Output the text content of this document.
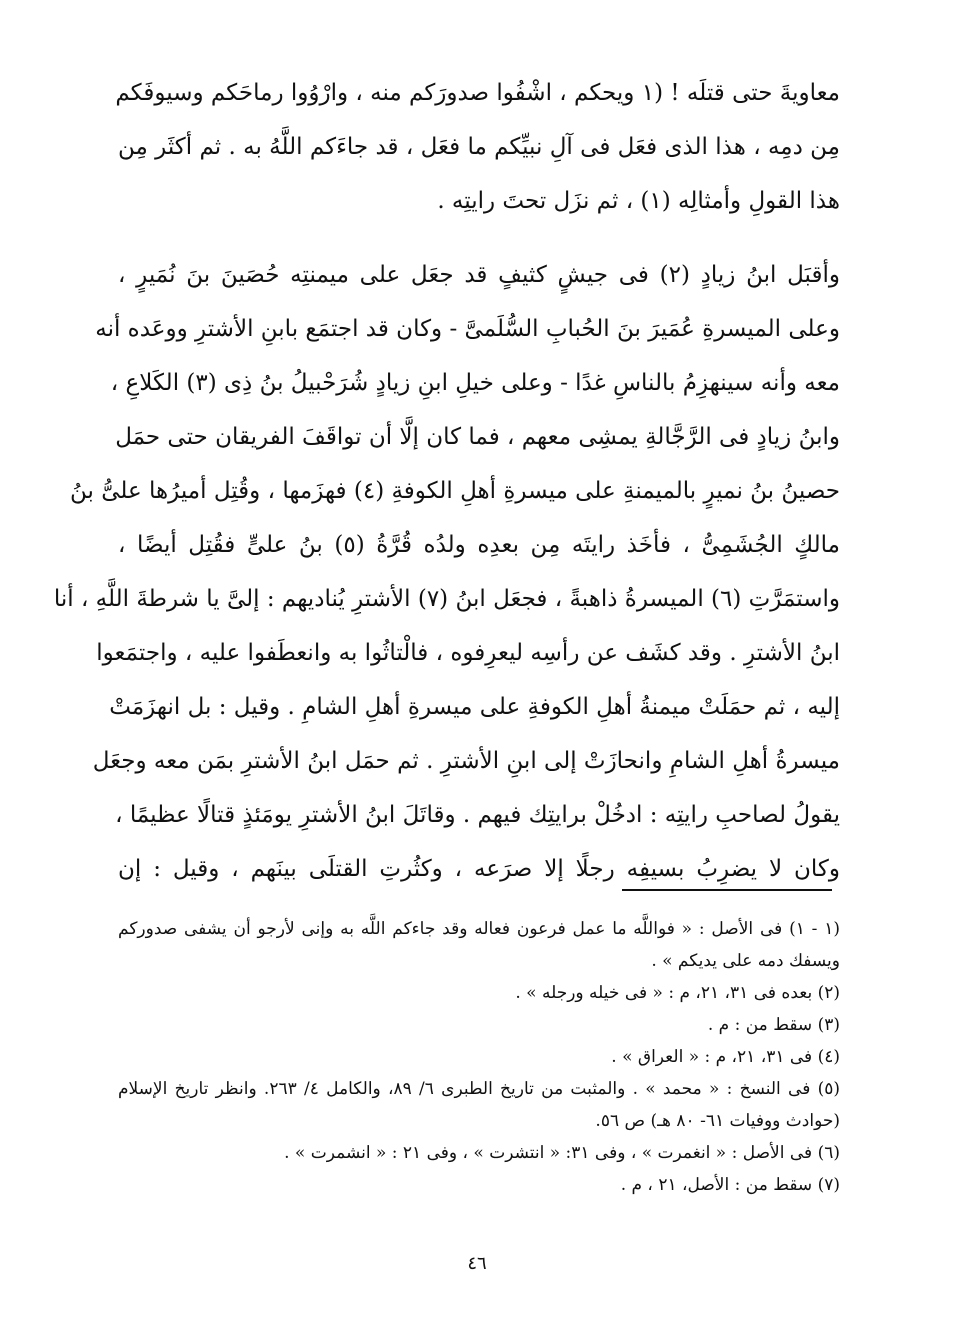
معاويةَ حتى قتلَه ! (١ ويحكم ، اشْفُوا صدورَكم منه ، وارْوُوا رماحَكم وسيوفَكم
مِن دمِه ، هذا الذى فعَل فى آلِ نبيِّكم ما فعَل ، قد جاءَكم اللَّهُ به . ثم أكثَر مِن
هذا القولِ وأمثالِه (١) ، ثم نزَل تحتَ رايتِه .
وأقبَل ابنُ زيادٍ (٢) فى جيشٍ كثيفٍ قد جعَل على ميمنتِه حُصَينَ بنَ نُمَيرٍ ،
وعلى الميسرةِ عُمَيرَ بنَ الحُبابِ السُّلَمىَّ - وكان قد اجتمَع بابنِ الأشترِ ووعَده أنه
معه وأنه سينهزِمُ بالناسِ غدًا - وعلى خيلِ ابنِ زيادٍ شُرَحْبيلُ بنُ ذِى (٣) الكَلاعِ ،
وابنُ زيادٍ فى الرَّجَّالةِ يمشِى معهم ، فما كان إلَّا أن تواقَفَ الفريقان حتى حمَل
حصينُ بنُ نميرٍ بالميمنةِ على ميسرةِ أهلِ الكوفةِ (٤) فهزَمها ، وقُتِل أميرُها علىُّ بنُ
مالكٍ الجُشَمِىُّ ، فأخَذ رايتَه مِن بعدِه ولدُه قُرَّةُ (٥) بنُ علىٍّ فقُتِل أيضًا ،
واستمَرَّتِ (٦) الميسرةُ ذاهبةً ، فجعَل ابنُ (٧) الأشترِ يُناديهم : إلىَّ يا شرطةَ اللَّهِ ، أنا
ابنُ الأشترِ . وقد كشَف عن رأسِه ليعرِفوه ، فالْتاثُوا به وانعطَفوا عليه ، واجتمَعوا
إليه ، ثم حمَلَتْ ميمنةُ أهلِ الكوفةِ على ميسرةِ أهلِ الشامِ . وقيل : بل انهزَمَتْ
ميسرةُ أهلِ الشامِ وانحازَتْ إلى ابنِ الأشترِ . ثم حمَل ابنُ الأشترِ بمَن معه وجعَل
يقولُ لصاحبِ رايتِه : ادخُلْ برايتِك فيهم . وقاتَلَ ابنُ الأشترِ يومَئذٍ قتالًا عظيمًا ،
وكان لا يضرِبُ بسيفِه رجلًا إلا صرَعه ، وكثُرتِ القتلَى بينَهم ، وقيل : إن
(١ - ١) فى الأصل : « فواللَّه ما عمل فرعون فعاله وقد جاءكم اللَّه به وإنى لأرجو أن يشفى صدوركم ويسفك دمه على يديكم » .
(٢) بعده فى ٣١، ٢١، م : « فى خيله ورجله » .
(٣) سقط من : م .
(٤) فى ٣١، ٢١، م : « العراق » .
(٥) فى النسخ : « محمد » . والمثبت من تاريخ الطبرى ٦/ ٨٩، والكامل ٤/ ٢٦٣. وانظر تاريخ الإسلام (حوادث ووفيات ٦١- ٨٠ هـ) ص ٥٦.
(٦) فى الأصل : « انغمرت » ، وفى ٣١: « انتشرت » ، وفى ٢١ : « انشمرت » .
(٧) سقط من : الأصل، ٢١ ، م .
٤٦
